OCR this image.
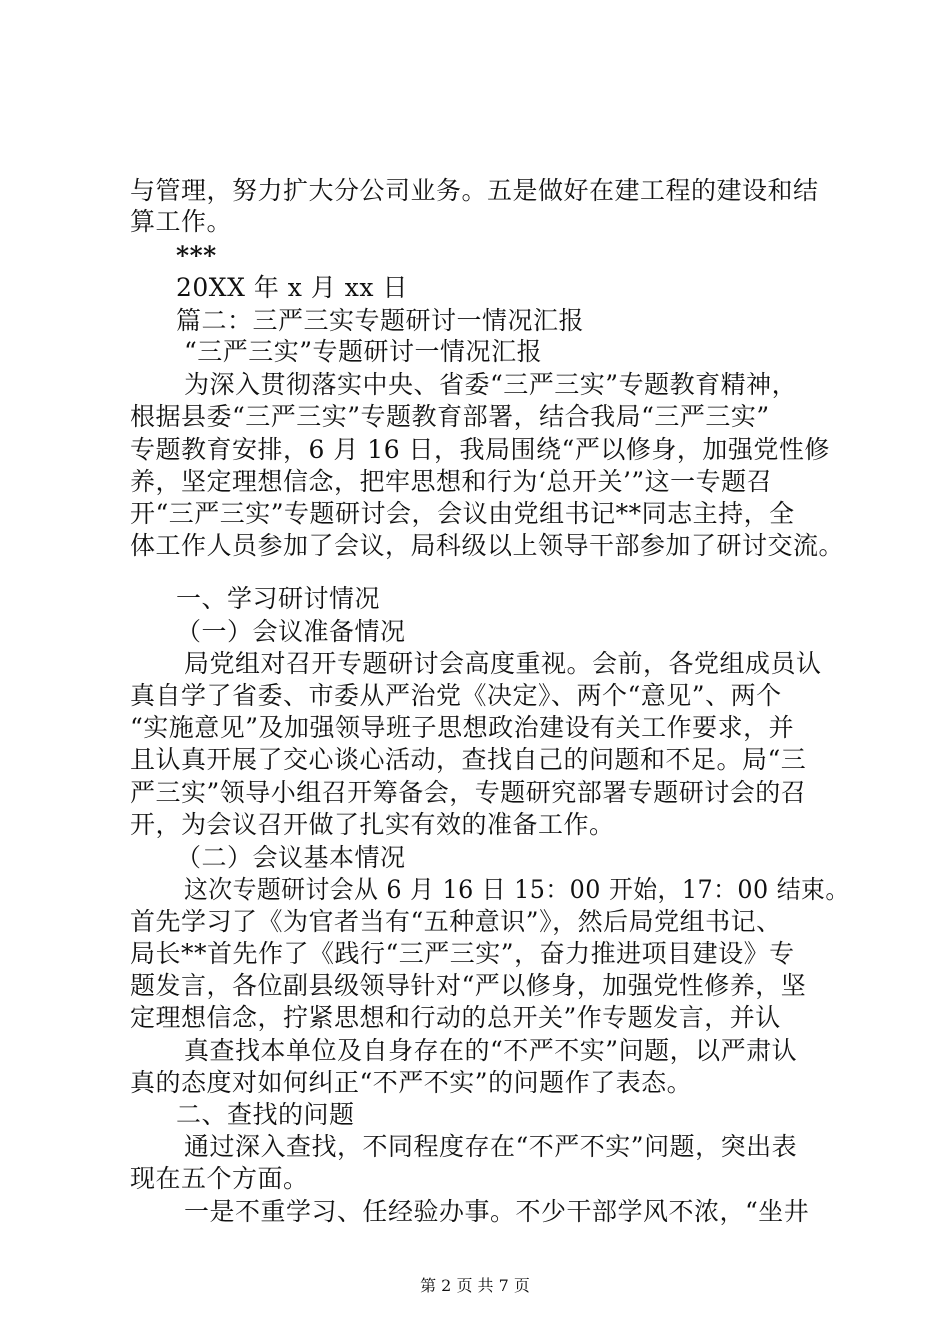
与管理，努力扩大分公司业务。五是做好在建工程的建设和结
算工作。
***
20XX 年 x 月 xx 日
篇二：三严三实专题研讨一情况汇报
“三严三实”专题研讨一情况汇报
为深入贯彻落实中央、省委“三严三实”专题教育精神，
根据县委“三严三实”专题教育部署，结合我局“三严三实”
专题教育安排，6 月 16 日，我局围绕“严以修身，加强党性修
养，坚定理想信念，把牢思想和行为‘总开关’”这一专题召
开“三严三实”专题研讨会，会议由党组书记**同志主持，全
体工作人员参加了会议，局科级以上领导干部参加了研讨交流。
一、学习研讨情况
（一）会议准备情况
局党组对召开专题研讨会高度重视。会前，各党组成员认
真自学了省委、市委从严治党《决定》、两个“意见”、两个
“实施意见”及加强领导班子思想政治建设有关工作要求，并
且认真开展了交心谈心活动，查找自己的问题和不足。局“三
严三实”领导小组召开筹备会，专题研究部署专题研讨会的召
开，为会议召开做了扎实有效的准备工作。
（二）会议基本情况
这次专题研讨会从 6 月 16 日 15：00 开始，17：00 结束。
首先学习了《为官者当有“五种意识”》，然后局党组书记、
局长**首先作了《践行“三严三实”，奋力推进项目建设》专
题发言，各位副县级领导针对“严以修身，加强党性修养，坚
定理想信念，拧紧思想和行动的总开关”作专题发言，并认
真查找本单位及自身存在的“不严不实”问题，以严肃认
真的态度对如何纠正“不严不实”的问题作了表态。
二、查找的问题
通过深入查找，不同程度存在“不严不实”问题，突出表
现在五个方面。
一是不重学习、任经验办事。不少干部学风不浓，“坐井
第 2 页 共 7 页
